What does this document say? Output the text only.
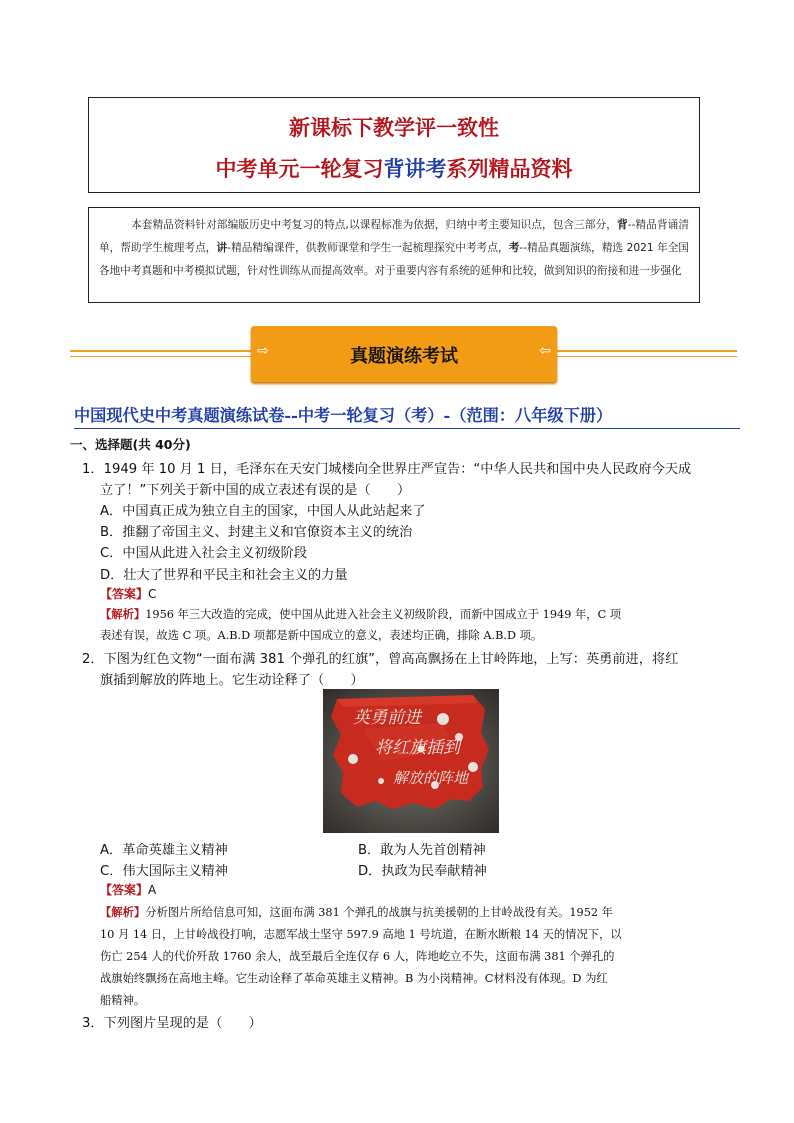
新课标下教学评一致性
中考单元一轮复习背讲考系列精品资料
本套精品资料针对部编版历史中考复习的特点,以课程标准为依据，归纳中考主要知识点，包含三部分，背--精品背诵清单，帮助学生梳理考点，讲-精品精编课件，供教师课堂和学生一起梳理探究中考考点，考--精品真题演练，精选 2021 年全国各地中考真题和中考模拟试题，针对性训练从而提高效率。对于重要内容有系统的延伸和比较，做到知识的衔接和进一步强化
⇨	真题演练考试	⇦
中国现代史中考真题演练试卷--中考一轮复习（考）-（范围：八年级下册）
一、选择题(共 40分)
1．1949 年 10 月 1 日，毛泽东在天安门城楼向全世界庄严宣告：“中华人民共和国中央人民政府今天成
立了！”下列关于新中国的成立表述有误的是（　　）
A．中国真正成为独立自主的国家，中国人从此站起来了
B．推翻了帝国主义、封建主义和官僚资本主义的统治
C．中国从此进入社会主义初级阶段
D．壮大了世界和平民主和社会主义的力量
【答案】C
【解析】1956 年三大改造的完成，使中国从此进入社会主义初级阶段，而新中国成立于 1949 年，C 项
表述有误，故选 C 项。A.B.D 项都是新中国成立的意义，表述均正确，排除 A.B.D 项。
2．下图为红色文物“一面布满 381 个弹孔的红旗”，曾高高飘扬在上甘岭阵地，上写：英勇前进，将红
旗插到解放的阵地上。它生动诠释了（　　）
英勇前进
将红旗插到
解放的阵地
A．革命英雄主义精神	B．敢为人先首创精神
C．伟大国际主义精神	D．执政为民奉献精神
【答案】A
【解析】分析图片所给信息可知，这面布满 381 个弹孔的战旗与抗美援朝的上甘岭战役有关。1952 年
10 月 14 日，上甘岭战役打响，志愿军战士坚守 597.9 高地 1 号坑道，在断水断粮 14 天的情况下，以
伤亡 254 人的代价歼敌 1760 余人，战至最后全连仅存 6 人，阵地屹立不失，这面布满 381 个弹孔的
战旗始终飘扬在高地主峰。它生动诠释了革命英雄主义精神。B 为小岗精神。C材料没有体现。D 为红
船精神。
3．下列图片呈现的是（　　）
